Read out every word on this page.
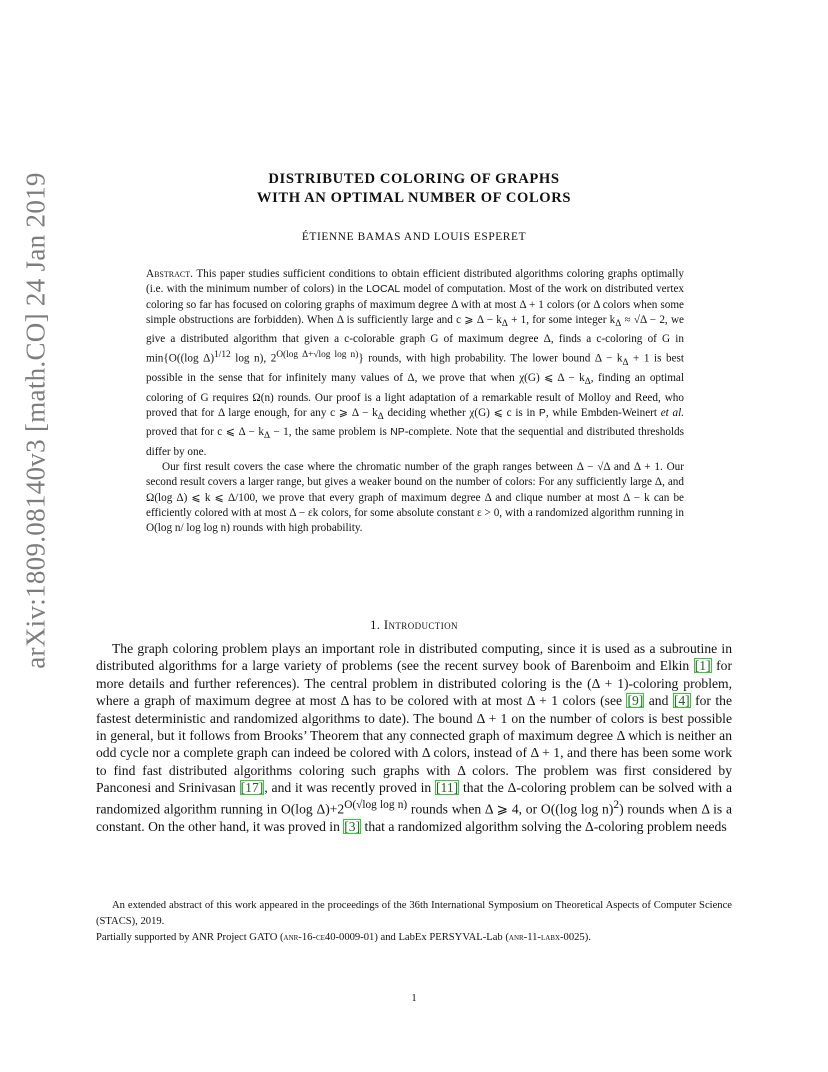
arXiv:1809.08140v3 [math.CO] 24 Jan 2019	DISTRIBUTED COLORING OF GRAPHS
WITH AN OPTIMAL NUMBER OF COLORS
ÉTIENNE BAMAS AND LOUIS ESPERET

Abstract. This paper studies sufficient conditions to obtain efficient distributed algorithms coloring graphs optimally (i.e. with the minimum number of colors) in the LOCAL model of computation. Most of the work on distributed vertex coloring so far has focused on coloring graphs of maximum degree Δ with at most Δ + 1 colors (or Δ colors when some simple obstructions are forbidden). When Δ is sufficiently large and c ⩾ $\Delta - k_\Delta + 1$, for some integer $k_\Delta \approx √\Delta - 2$, we give a distributed algorithm that given a c-colorable graph G of maximum degree Δ, finds a c-coloring of G in min{O((log Δ)$^{1/12}$ log n), $2^{O(log \Delta+√log log n)}$} rounds, with high probability. The lower bound $\Delta - k_\Delta + 1$ is best possible in the sense that for infinitely many values of Δ, we prove that when χ(G) ⩽ $\Delta - k_\Delta$, finding an optimal coloring of G requires Ω(n) rounds. Our proof is a light adaptation of a remarkable result of Molloy and Reed, who proved that for Δ large enough, for any c ⩾ $\Delta - k_\Delta$ deciding whether χ(G) ⩽ c is in P, while Embden-Weinert et al. proved that for c ⩽ $\Delta - k_\Delta - 1$, the same problem is NP-complete. Note that the sequential and distributed thresholds differ by one.

Our first result covers the case where the chromatic number of the graph ranges between Δ − √Δ and Δ + 1. Our second result covers a larger range, but gives a weaker bound on the number of colors: For any sufficiently large Δ, and Ω(log Δ) ⩽ k ⩽ Δ/100, we prove that every graph of maximum degree Δ and clique number at most Δ − k can be efficiently colored with at most Δ − εk colors, for some absolute constant ε > 0, with a randomized algorithm running in O(log n/ log log n) rounds with high probability.

1. Introduction

The graph coloring problem plays an important role in distributed computing, since it is used as a subroutine in distributed algorithms for a large variety of problems (see the recent survey book of Barenboim and Elkin [1] for more details and further references). The central problem in distributed coloring is the (Δ + 1)-coloring problem, where a graph of maximum degree at most Δ has to be colored with at most Δ + 1 colors (see [9] and [4] for the fastest deterministic and randomized algorithms to date). The bound Δ + 1 on the number of colors is best possible in general, but it follows from Brooks’ Theorem that any connected graph of maximum degree Δ which is neither an odd cycle nor a complete graph can indeed be colored with Δ colors, instead of Δ + 1, and there has been some work to find fast distributed algorithms coloring such graphs with Δ colors. The problem was first considered by Panconesi and Srinivasan [17], and it was recently proved in [11] that the Δ-coloring problem can be solved with a randomized algorithm running in O(log $\Delta)+2^{O(√log log n)}$ rounds when Δ ⩾ 4, or O((log log n)$^2$) rounds when Δ is a constant. On the other hand, it was proved in [3] that a randomized algorithm solving the Δ-coloring problem needs

An extended abstract of this work appeared in the proceedings of the 36th International Symposium on Theoretical Aspects of Computer Science (STACS), 2019.

Partially supported by ANR Project GATO (anr-16-ce40-0009-01) and LabEx PERSYVAL-Lab (anr-11-labx-0025).

1
